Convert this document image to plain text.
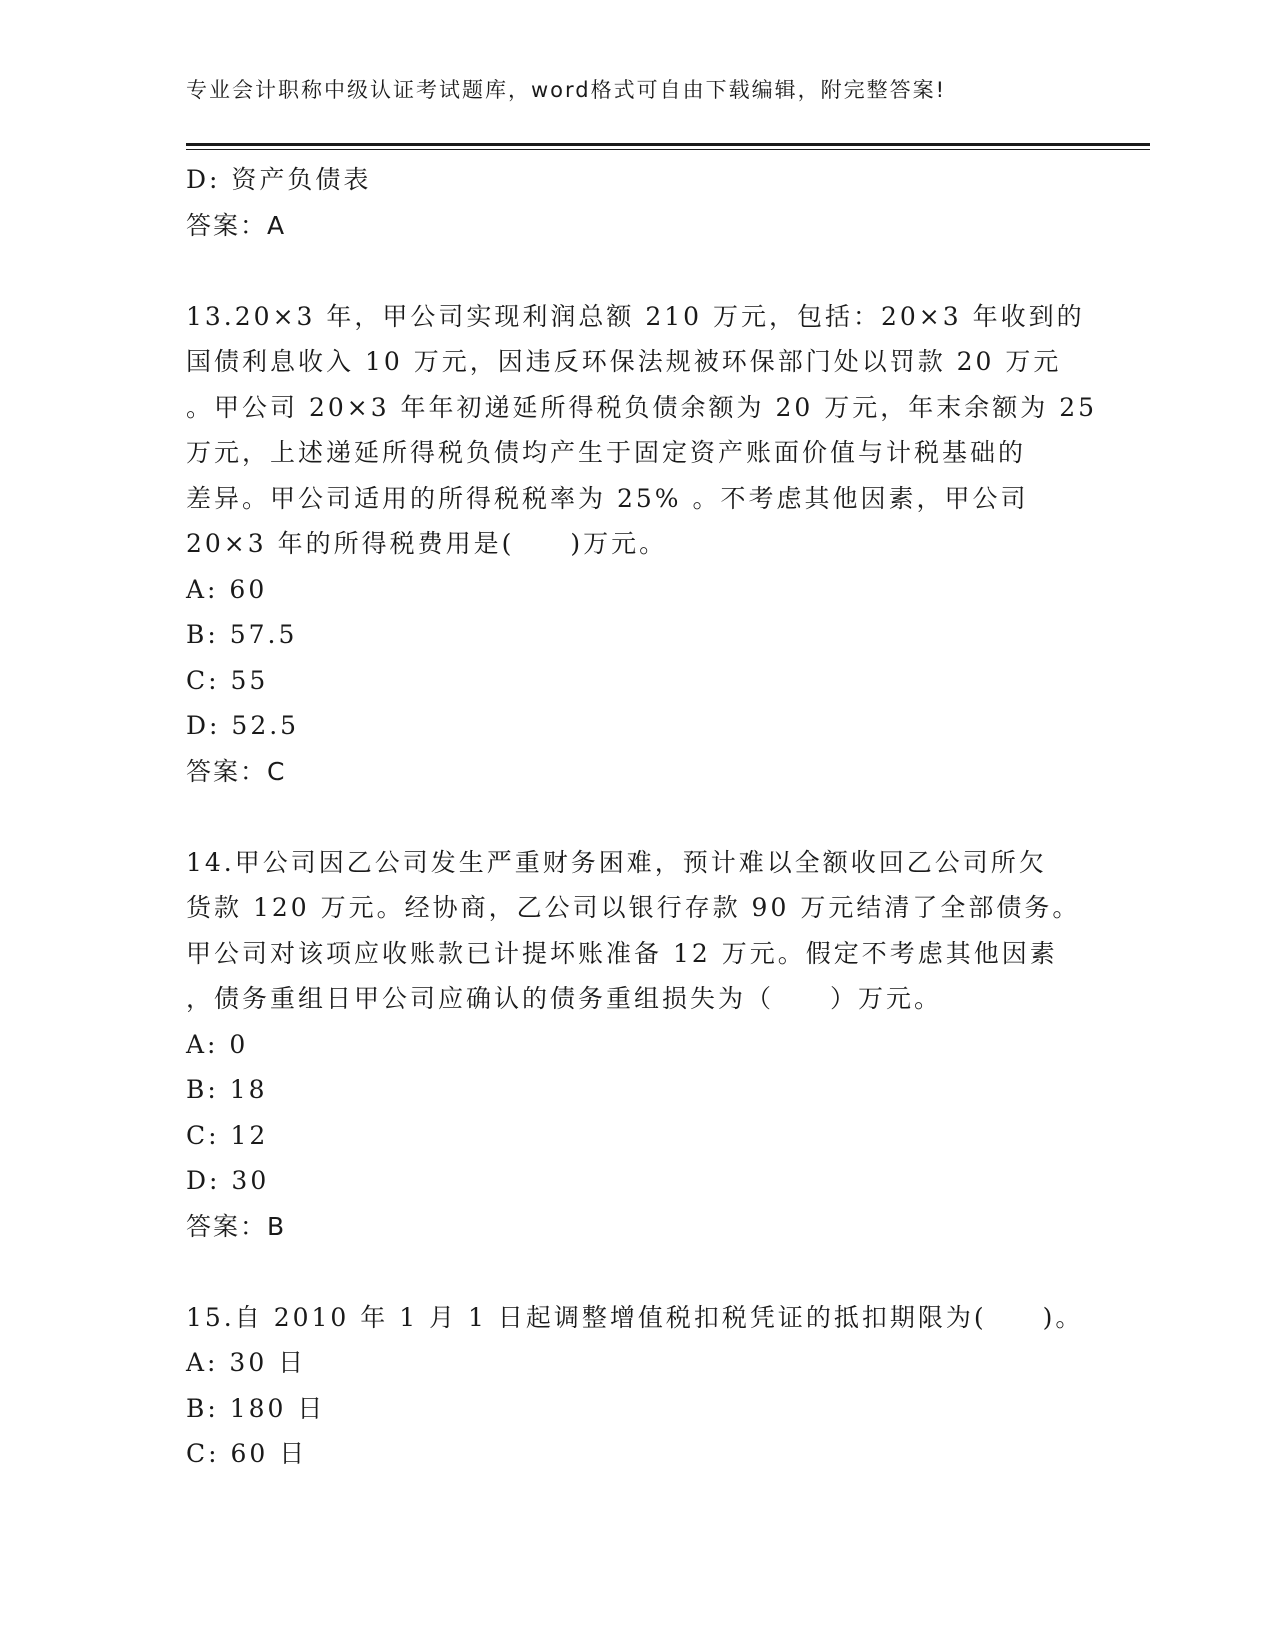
专业会计职称中级认证考试题库，word格式可自由下载编辑，附完整答案!
D: 资产负债表
答案：A
13.20×3 年，甲公司实现利润总额 210 万元，包括：20×3 年收到的
国债利息收入 10 万元，因违反环保法规被环保部门处以罚款 20 万元
。甲公司 20×3 年年初递延所得税负债余额为 20 万元，年末余额为 25
万元，上述递延所得税负债均产生于固定资产账面价值与计税基础的
差异。甲公司适用的所得税税率为 25% 。不考虑其他因素，甲公司
20×3 年的所得税费用是(　　)万元。
A: 60
B: 57.5
C: 55
D: 52.5
答案：C
14.甲公司因乙公司发生严重财务困难，预计难以全额收回乙公司所欠
货款 120 万元。经协商，乙公司以银行存款 90 万元结清了全部债务。
甲公司对该项应收账款已计提坏账准备 12 万元。假定不考虑其他因素
，债务重组日甲公司应确认的债务重组损失为（　　）万元。
A: 0
B: 18
C: 12
D: 30
答案：B
15.自 2010 年 1 月 1 日起调整增值税扣税凭证的抵扣期限为(　　)。
A: 30 日
B: 180 日
C: 60 日
